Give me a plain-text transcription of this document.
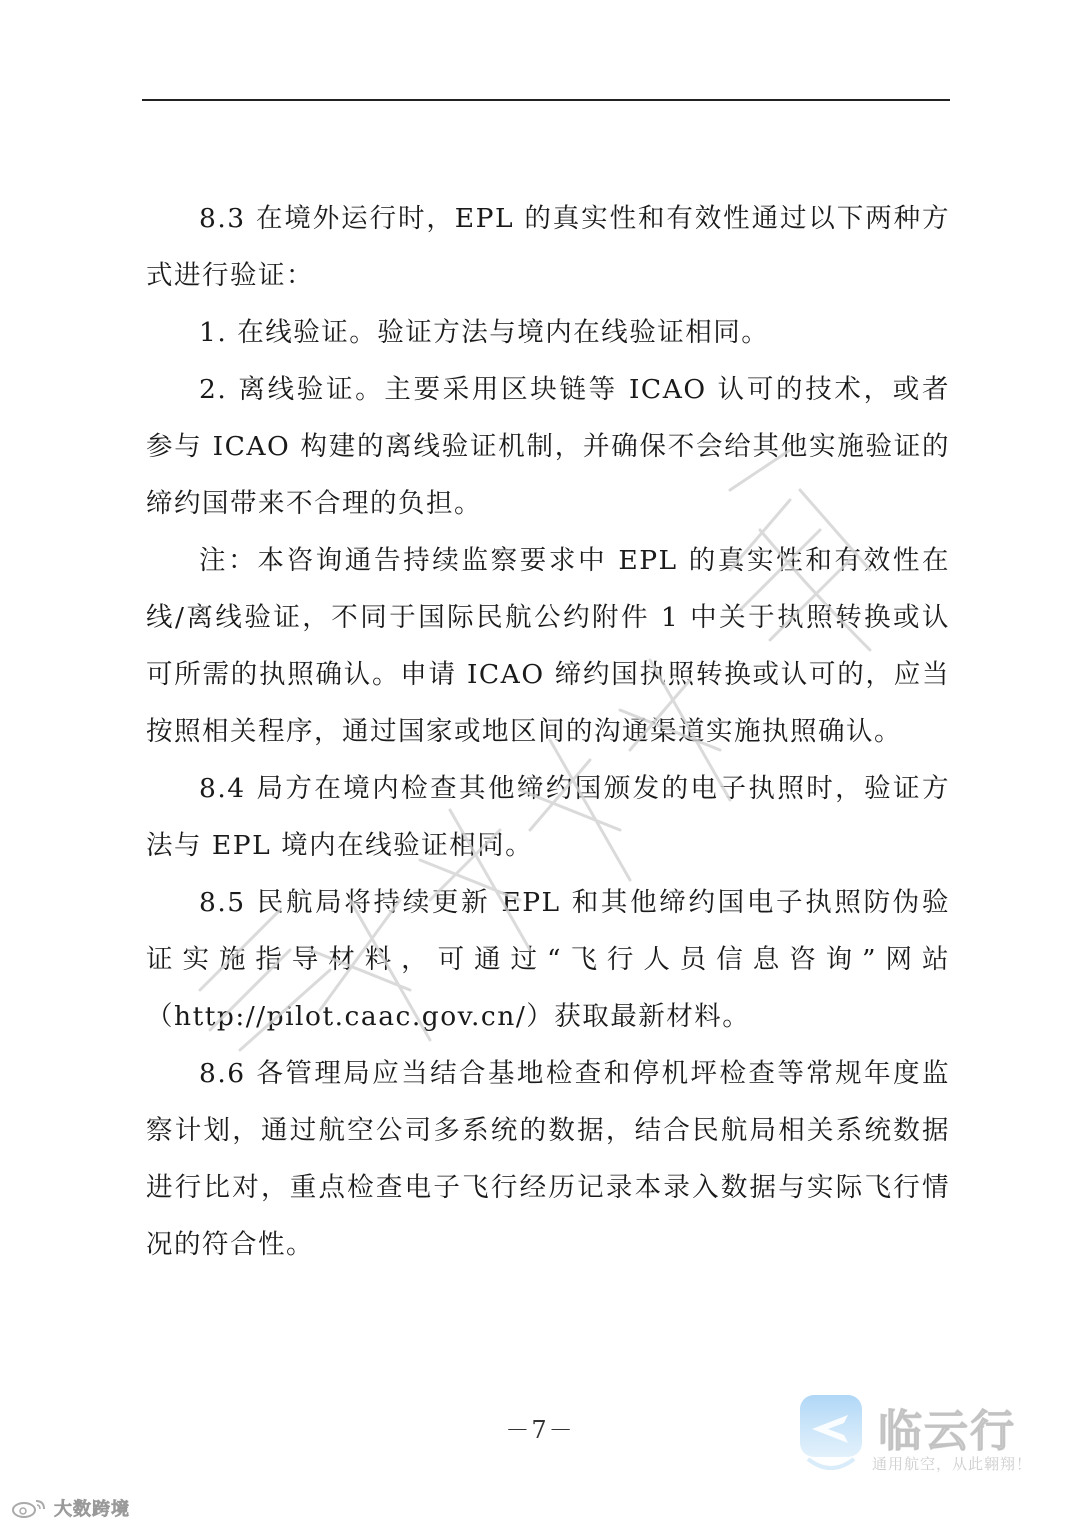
8.3 在境外运行时，EPL 的真实性和有效性通过以下两种方式进行验证：

1. 在线验证。验证方法与境内在线验证相同。

2. 离线验证。主要采用区块链等 ICAO 认可的技术，或者参与 ICAO 构建的离线验证机制，并确保不会给其他实施验证的缔约国带来不合理的负担。

注：本咨询通告持续监察要求中 EPL 的真实性和有效性在线/离线验证，不同于国际民航公约附件 1 中关于执照转换或认可所需的执照确认。申请 ICAO 缔约国执照转换或认可的，应当按照相关程序，通过国家或地区间的沟通渠道实施执照确认。

8.4 局方在境内检查其他缔约国颁发的电子执照时，验证方法与 EPL 境内在线验证相同。

8.5 民航局将持续更新 EPL 和其他缔约国电子执照防伪验证实施指导材料，可通过“飞行人员信息咨询”网站（http://pilot.caac.gov.cn/）获取最新材料。

8.6 各管理局应当结合基地检查和停机坪检查等常规年度监察计划，通过航空公司多系统的数据，结合民航局相关系统数据进行比对，重点检查电子飞行经历记录本录入数据与实际飞行情况的符合性。

－7－	临云行
通用航空，从此翱翔！
大数跨境
